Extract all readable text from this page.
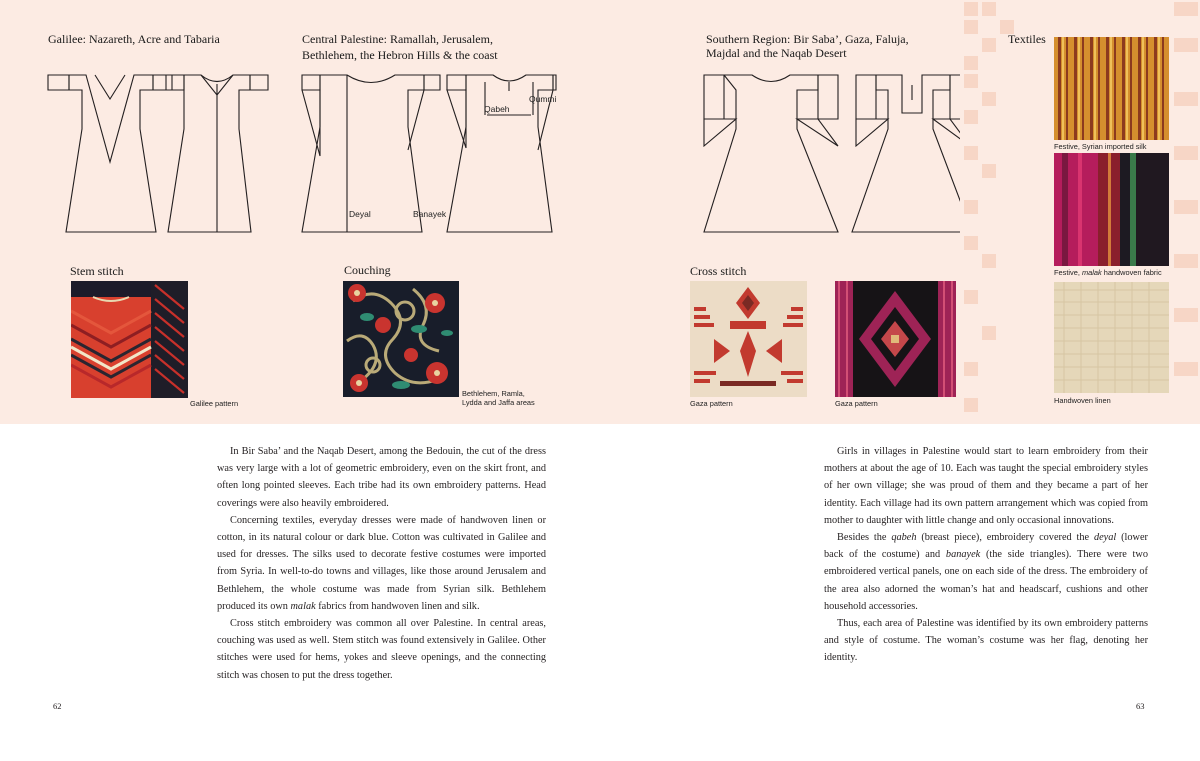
Galilee: Nazareth, Acre and Tabaria	Central Palestine: Ramallah, Jerusalem,
Bethlehem, the Hebron Hills & the coast
Southern Region: Bir Saba’, Gaza, Faluja,
Majdal and the Naqab Desert
Textiles
Qabeh
Qummi
Deyal	Banayek
Stem stitch	Couching	Cross stitch
Galilee pattern
Bethlehem, Ramla,
Lydda and Jaffa areas	Gaza pattern	Gaza pattern
Festive, Syrian imported silk
Festive, malak handwoven fabric
Handwoven linen

In Bir Saba’ and the Naqab Desert, among the Bedouin, the cut of the dress was very large with a lot of geometric embroidery, even on the skirt front, and often long pointed sleeves. Each tribe had its own embroidery patterns. Head coverings were also heavily embroidered.

Concerning textiles, everyday dresses were made of handwoven linen or cotton, in its natural colour or dark blue. Cotton was cultivated in Galilee and used for dresses. The silks used to decorate festive costumes were imported from Syria. In well-to-do towns and villages, like those around Jerusalem and Bethlehem, the whole costume was made from Syrian silk. Bethlehem produced its own malak fabrics from handwoven linen and silk.

Cross stitch embroidery was common all over Palestine. In central areas, couching was used as well. Stem stitch was found extensively in Galilee. Other stitches were used for hems, yokes and sleeve openings, and the connecting stitch was chosen to put the dress together.

Girls in villages in Palestine would start to learn embroidery from their mothers at about the age of 10. Each was taught the special embroidery styles of her own village; she was proud of them and they became a part of her identity. Each village had its own pattern arrangement which was copied from mother to daughter with little change and only occasional innovations.

Besides the qabeh (breast piece), embroidery covered the deyal (lower back of the costume) and banayek (the side triangles). There were two embroidered vertical panels, one on each side of the dress. The embroidery of the area also adorned the woman’s hat and headscarf, cushions and other household accessories.

Thus, each area of Palestine was identified by its own embroidery patterns and style of costume. The woman’s costume was her flag, denoting her identity.

62	63
